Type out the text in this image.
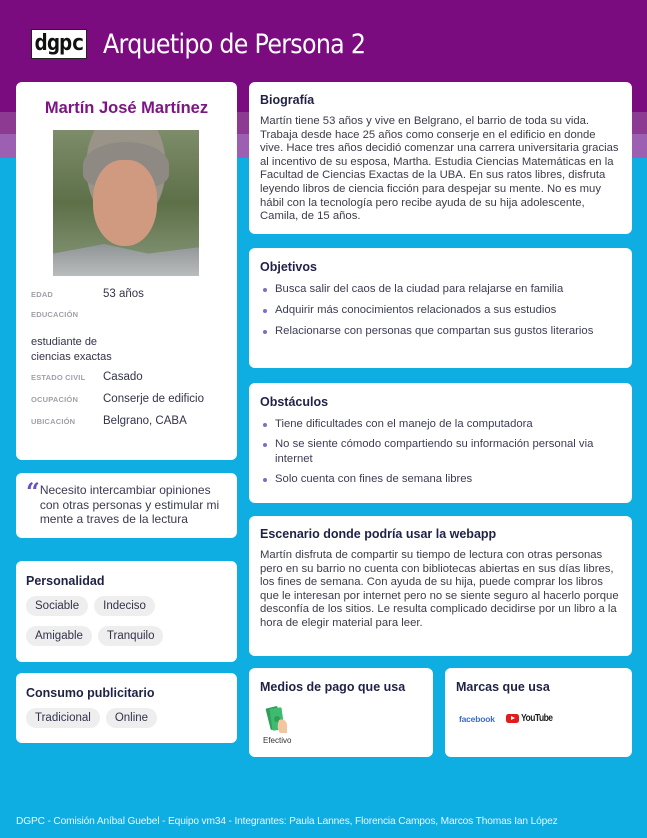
dgpc Arquetipo de Persona 2
Martín José Martínez
EDAD	53 años
EDUCACIÓN
estudiante de
ciencias exactas
ESTADO CIVIL	Casado
OCUPACIÓN	Conserje de edificio
UBICACIÓN	Belgrano, CABA
“ Necesito intercambiar opiniones con otras personas y estimular mi mente a traves de la lectura

Personalidad
Sociable	Indeciso
Amigable	Tranquilo
Consumo publicitario
Tradicional	Online
Biografía

Martín tiene 53 años y vive en Belgrano, el barrio de toda su vida. Trabaja desde hace 25 años como conserje en el edificio en donde vive. Hace tres años decidió comenzar una carrera universitaria gracias al incentivo de su esposa, Martha. Estudia Ciencias Matemáticas en la Facultad de Ciencias Exactas de la UBA. En sus ratos libres, disfruta leyendo libros de ciencia ficción para despejar su mente. No es muy hábil con la tecnología pero recibe ayuda de su hija adolescente, Camila, de 15 años.

Objetivos
Busca salir del caos de la ciudad para relajarse en familia
Adquirir más conocimientos relacionados a sus estudios
Relacionarse con personas que compartan sus gustos literarios
Obstáculos
Tiene dificultades con el manejo de la computadora
No se siente cómodo compartiendo su información personal via internet
Solo cuenta con fines de semana libres
Escenario donde podría usar la webapp

Martín disfruta de compartir su tiempo de lectura con otras personas pero en su barrio no cuenta con bibliotecas abiertas en sus días libres, los fines de semana. Con ayuda de su hija, puede comprar los libros que le interesan por internet pero no se siente seguro al hacerlo porque desconfía de los sitios. Le resulta complicado decidirse por un libro a la hora de elegir material para leer.

Medios de pago que usa
Efectivo
Marcas que usa
facebook	YouTube
DGPC - Comisión Aníbal Guebel - Equipo vm34 - Integrantes: Paula Lannes, Florencia Campos, Marcos Thomas Ian López
